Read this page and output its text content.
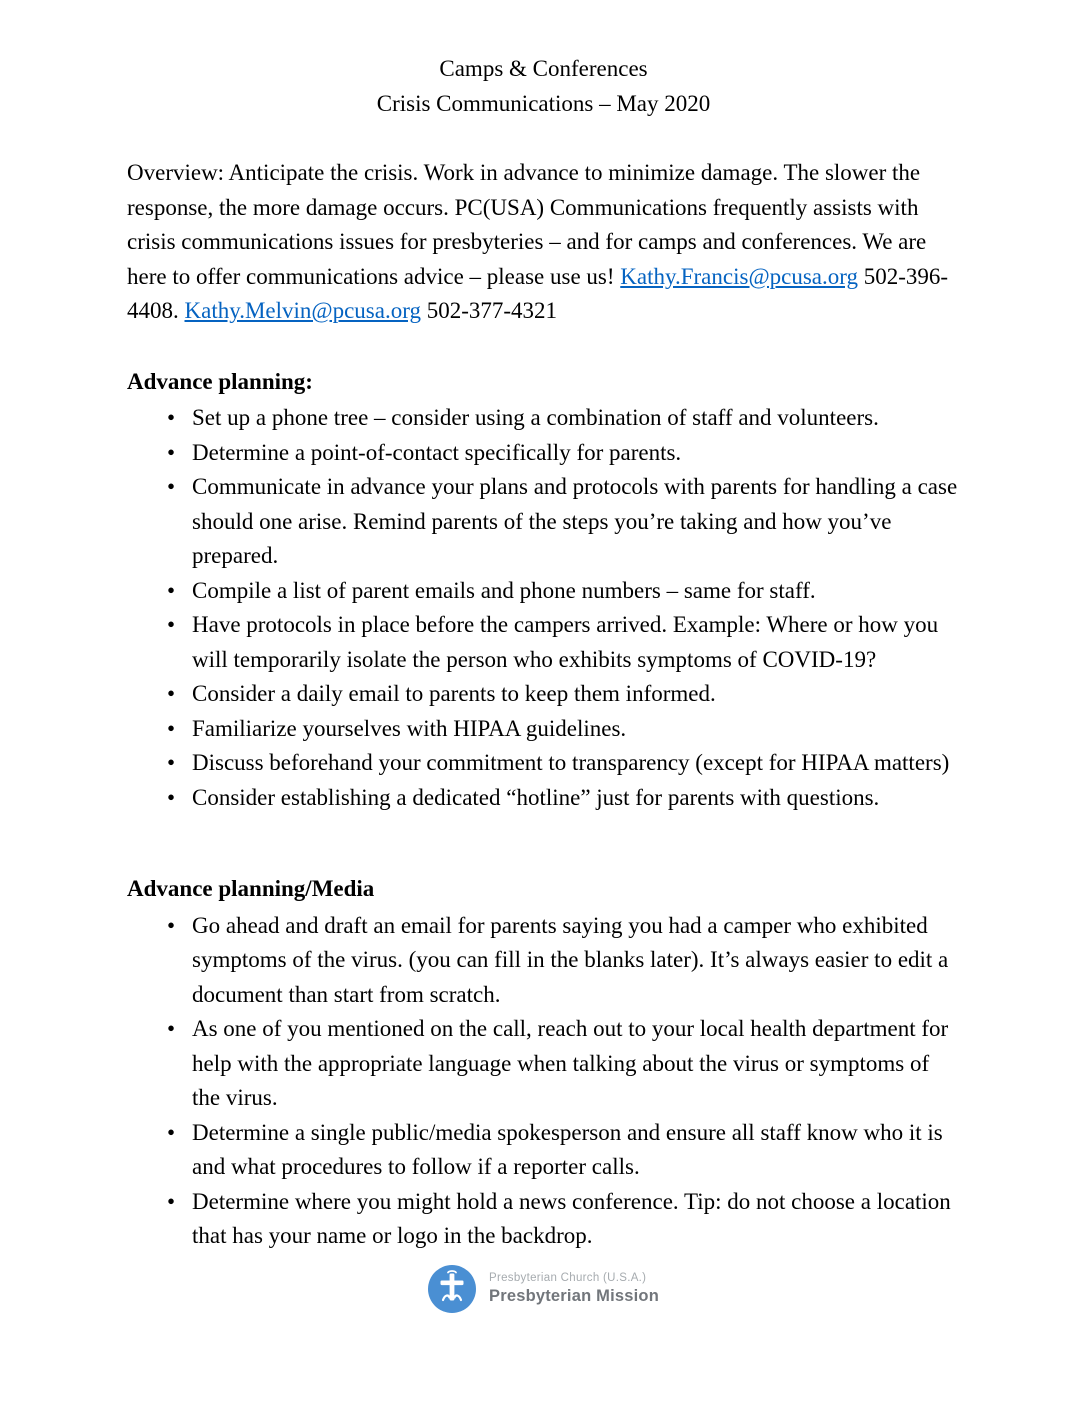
Camps & Conferences
Crisis Communications – May 2020

Overview: Anticipate the crisis. Work in advance to minimize damage. The slower the response, the more damage occurs. PC(USA) Communications frequently assists with crisis communications issues for presbyteries – and for camps and conferences. We are here to offer communications advice – please use us! Kathy.Francis@pcusa.org 502-396-4408. Kathy.Melvin@pcusa.org 502-377-4321

Advance planning:
• Set up a phone tree – consider using a combination of staff and volunteers.
• Determine a point-of-contact specifically for parents.
• Communicate in advance your plans and protocols with parents for handling a case should one arise. Remind parents of the steps you’re taking and how you’ve prepared.
• Compile a list of parent emails and phone numbers – same for staff.
• Have protocols in place before the campers arrived. Example: Where or how you will temporarily isolate the person who exhibits symptoms of COVID-19?
• Consider a daily email to parents to keep them informed.
• Familiarize yourselves with HIPAA guidelines.
• Discuss beforehand your commitment to transparency (except for HIPAA matters)
• Consider establishing a dedicated “hotline” just for parents with questions.
Advance planning/Media
• Go ahead and draft an email for parents saying you had a camper who exhibited symptoms of the virus. (you can fill in the blanks later). It’s always easier to edit a document than start from scratch.
• As one of you mentioned on the call, reach out to your local health department for help with the appropriate language when talking about the virus or symptoms of the virus.
• Determine a single public/media spokesperson and ensure all staff know who it is and what procedures to follow if a reporter calls.
• Determine where you might hold a news conference. Tip: do not choose a location that has your name or logo in the backdrop.
Presbyterian Church (U.S.A.)
Presbyterian Mission
